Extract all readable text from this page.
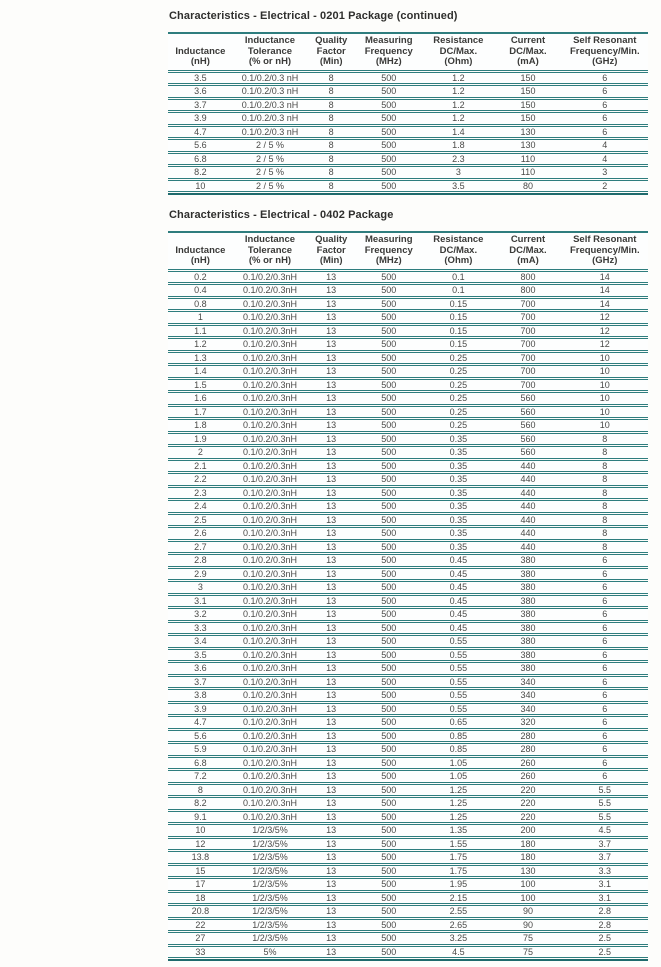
Characteristics - Electrical - 0201 Package (continued)
Inductance
(nH)

Inductance
Tolerance
(% or nH)

Quality
Factor
(Min)

Measuring
Frequency
(MHz)

Resistance
DC/Max.
(Ohm)

Current
DC/Max.
(mA)

Self Resonant
Frequency/Min.
(GHz)

3.5	0.1/0.2/0.3 nH	8	500	1.2	150	6
3.6	0.1/0.2/0.3 nH	8	500	1.2	150	6
3.7	0.1/0.2/0.3 nH	8	500	1.2	150	6
3.9	0.1/0.2/0.3 nH	8	500	1.2	150	6
4.7	0.1/0.2/0.3 nH	8	500	1.4	130	6
5.6	2 / 5 %	8	500	1.8	130	4
6.8	2 / 5 %	8	500	2.3	110	4
8.2	2 / 5 %	8	500	3	110	3
10	2 / 5 %	8	500	3.5	80	2
Characteristics - Electrical - 0402 Package
Inductance
(nH)

Inductance
Tolerance
(% or nH)

Quality
Factor
(Min)

Measuring
Frequency
(MHz)

Resistance
DC/Max.
(Ohm)

Current
DC/Max.
(mA)

Self Resonant
Frequency/Min.
(GHz)

0.2	0.1/0.2/0.3nH	13	500	0.1	800	14
0.4	0.1/0.2/0.3nH	13	500	0.1	800	14
0.8	0.1/0.2/0.3nH	13	500	0.15	700	14
1	0.1/0.2/0.3nH	13	500	0.15	700	12
1.1	0.1/0.2/0.3nH	13	500	0.15	700	12
1.2	0.1/0.2/0.3nH	13	500	0.15	700	12
1.3	0.1/0.2/0.3nH	13	500	0.25	700	10
1.4	0.1/0.2/0.3nH	13	500	0.25	700	10
1.5	0.1/0.2/0.3nH	13	500	0.25	700	10
1.6	0.1/0.2/0.3nH	13	500	0.25	560	10
1.7	0.1/0.2/0.3nH	13	500	0.25	560	10
1.8	0.1/0.2/0.3nH	13	500	0.25	560	10
1.9	0.1/0.2/0.3nH	13	500	0.35	560	8
2	0.1/0.2/0.3nH	13	500	0.35	560	8
2.1	0.1/0.2/0.3nH	13	500	0.35	440	8
2.2	0.1/0.2/0.3nH	13	500	0.35	440	8
2.3	0.1/0.2/0.3nH	13	500	0.35	440	8
2.4	0.1/0.2/0.3nH	13	500	0.35	440	8
2.5	0.1/0.2/0.3nH	13	500	0.35	440	8
2.6	0.1/0.2/0.3nH	13	500	0.35	440	8
2.7	0.1/0.2/0.3nH	13	500	0.35	440	8
2.8	0.1/0.2/0.3nH	13	500	0.45	380	6
2.9	0.1/0.2/0.3nH	13	500	0.45	380	6
3	0.1/0.2/0.3nH	13	500	0.45	380	6
3.1	0.1/0.2/0.3nH	13	500	0.45	380	6
3.2	0.1/0.2/0.3nH	13	500	0.45	380	6
3.3	0.1/0.2/0.3nH	13	500	0.45	380	6
3.4	0.1/0.2/0.3nH	13	500	0.55	380	6
3.5	0.1/0.2/0.3nH	13	500	0.55	380	6
3.6	0.1/0.2/0.3nH	13	500	0.55	380	6
3.7	0.1/0.2/0.3nH	13	500	0.55	340	6
3.8	0.1/0.2/0.3nH	13	500	0.55	340	6
3.9	0.1/0.2/0.3nH	13	500	0.55	340	6
4.7	0.1/0.2/0.3nH	13	500	0.65	320	6
5.6	0.1/0.2/0.3nH	13	500	0.85	280	6
5.9	0.1/0.2/0.3nH	13	500	0.85	280	6
6.8	0.1/0.2/0.3nH	13	500	1.05	260	6
7.2	0.1/0.2/0.3nH	13	500	1.05	260	6
8	0.1/0.2/0.3nH	13	500	1.25	220	5.5
8.2	0.1/0.2/0.3nH	13	500	1.25	220	5.5
9.1	0.1/0.2/0.3nH	13	500	1.25	220	5.5
10	1/2/3/5%	13	500	1.35	200	4.5
12	1/2/3/5%	13	500	1.55	180	3.7
13.8	1/2/3/5%	13	500	1.75	180	3.7
15	1/2/3/5%	13	500	1.75	130	3.3
17	1/2/3/5%	13	500	1.95	100	3.1
18	1/2/3/5%	13	500	2.15	100	3.1
20.8	1/2/3/5%	13	500	2.55	90	2.8
22	1/2/3/5%	13	500	2.65	90	2.8
27	1/2/3/5%	13	500	3.25	75	2.5
33	5%	13	500	4.5	75	2.5
